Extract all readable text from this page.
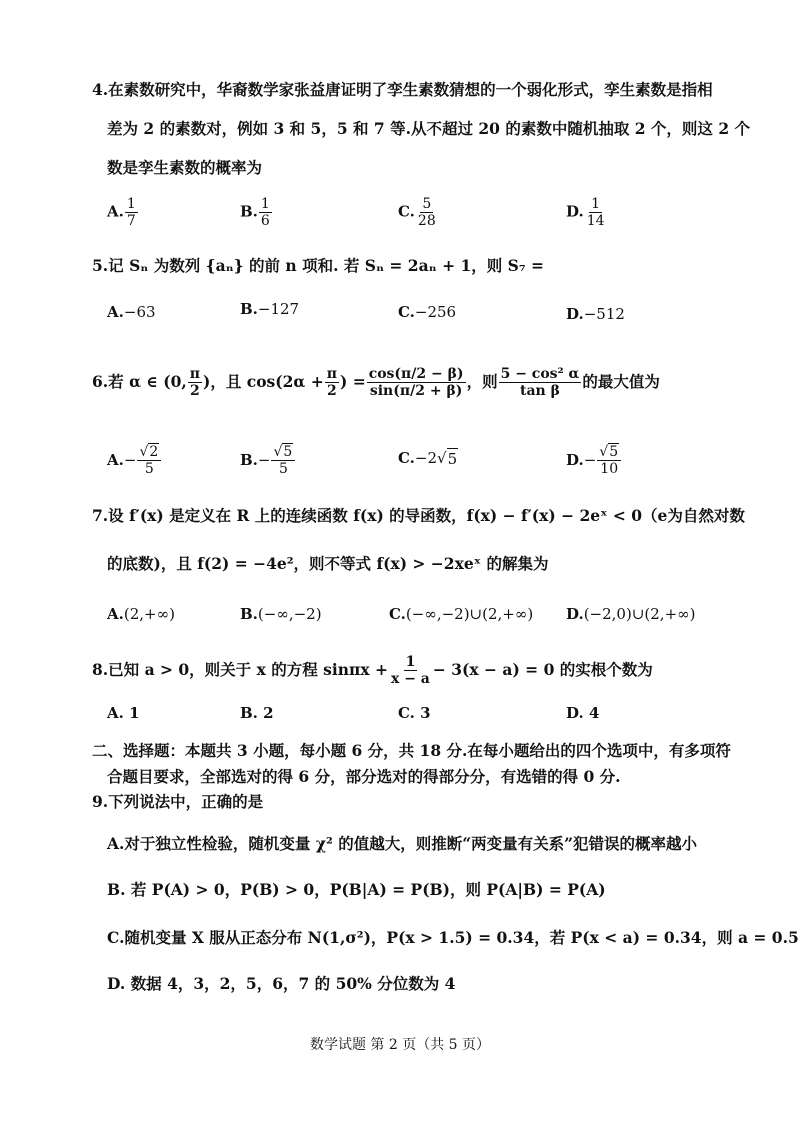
4.在素数研究中，华裔数学家张益唐证明了孪生素数猜想的一个弱化形式，孪生素数是指相
差为 2 的素数对，例如 3 和 5，5 和 7 等.从不超过 20 的素数中随机抽取 2 个，则这 2 个
数是孪生素数的概率为
A. $\frac{1}{7}$	B. $\frac{1}{6}$	C. $\frac{5}{28}$	D. $\frac{1}{14}$
5.记 Sₙ 为数列 {aₙ} 的前 n 项和. 若 Sₙ = 2aₙ + 1，则 S₇ =
A.−63	B.−127	C.−256	D.−512
6.若 α ∈ (0, $\frac{\pi}{2}$ )，且 $\cos(2\alpha + \frac{\pi}{2}$ ) = $\frac{\cos(\pi/2 - \beta)}{\sin(\pi/2 + \beta)}$ ，则 $\frac{\text{5 − cos² α}}{\text{tan β}}$ 的最大值为
A. − $\frac{√2}{5}$	B. − $\frac{√5}{5}$	C. −2 √ 5	D. − $\frac{√5}{10}$
7.设 f′(x) 是定义在 R 上的连续函数 f(x) 的导函数，f(x) − f′(x) − 2eˣ < 0（e为自然对数
的底数)，且 f(2) = −4e²，则不等式 f(x) > −2xeˣ 的解集为
A.(2,+∞)	B.(−∞,−2)	C.(−∞,−2)∪(2,+∞) D.(−2,0)∪(2,+∞)
8.已知 a > 0，则关于 x 的方程 $\sin\pi x + \frac{1}{x - a} - 3(x - a) = 0$ 的实根个数为
A. 1	B. 2	C. 3	D. 4
二、选择题：本题共 3 小题，每小题 6 分，共 18 分.在每小题给出的四个选项中，有多项符
合题目要求，全部选对的得 6 分，部分选对的得部分分，有选错的得 0 分.
9.下列说法中，正确的是
A.对于独立性检验，随机变量 χ² 的值越大，则推断“两变量有关系”犯错误的概率越小
B. 若 P(A) > 0，P(B) > 0，P(B|A) = P(B)，则 P(A|B) = P(A)
C.随机变量 X 服从正态分布 N(1,σ²)，P(x > 1.5) = 0.34，若 P(x < a) = 0.34，则 a = 0.5
D. 数据 4，3，2，5，6，7 的 50% 分位数为 4
数学试题 第 2 页（共 5 页）
